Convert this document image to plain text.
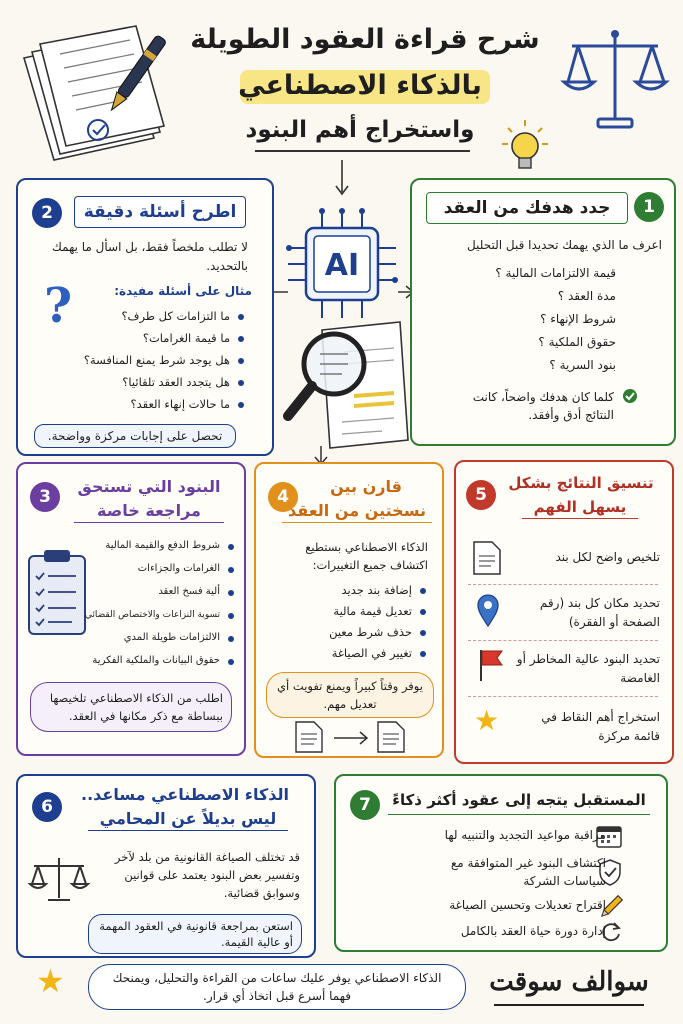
شرح قراءة العقود الطويلة
بالذكاء الاصطناعي
واستخراج أهم البنود
AI
1
جدد هدفك من العقد
اعرف ما الذي يهمك تحديدا قبل التحليل
قيمة الالتزامات المالية ؟
مدة العقد ؟
شروط الإنهاء ؟
حقوق الملكية ؟
بنود السرية ؟
كلما كان هدفك واضحاً، كانت النتائج أدق وأفقد.
2	اطرح أسئلة دقيقة
لا تطلب ملخصاً فقط، بل اسأل ما يهمك بالتحديد.
?	مثال على أسئلة مفيدة:
ما التزامات كل طرف؟
ما قيمة الغرامات؟
هل يوجد شرط يمنع المنافسة؟
هل يتجدد العقد تلقائيا؟
ما حالات إنهاء العقد؟
تحصل على إجابات مركزة وواضحة.
3
البنود التي تستحق
مراجعة خاصة
شروط الدفع والقيمة المالية
الغرامات والجزاءات
ألية فسخ العقد
تسوية النزاعات والاختصاص القضائي
الالتزامات طويلة المدي
حقوق البيانات والملكية الفكرية
اطلب من الذكاء الاصطناعي تلخيصها ببساطة مع ذكر مكانها في العقد.
4
قارن بين
نسختين من العقد
الذكاء الاصطناعي بستطيع اكتشاف جميع التغييرات:
إضافة بند جديد
تعديل قيمة مالية
حذف شرط معين
تغيير في الصياغة
يوفر وقتاً كبيراً ويمنع تفويت أي تعديل مهم.
5
تنسيق النتائج بشكل
يسهل الفهم
تلخيص واضح لكل بند
تحديد مكان كل بند (رقم الصفحة أو الفقرة)
تحديد البنود عالية المخاطر أو الغامضة
★	استخراج أهم النقاط في قائمة مركزة
6
الذكاء الاصطناعي مساعد..
ليس بديلاً عن المحامي
قد تختلف الصياغة القانونية من بلد لآخر وتفسير بعض البنود يعتمد على قوانين وسوابق قضائية.
استعن بمراجعة قانونية في العقود المهمة أو عالية القيمة.
7	المستقبل يتجه إلى عقود أكثر ذكاءً
مراقبة مواعيد التجديد والتنبيه لها
اكتشاف البنود غير المتوافقة مع سياسات الشركة
اقتراح تعديلات وتحسين الصياغة
إدارة دورة حياة العقد بالكامل
★	الذكاء الاصطناعي يوفر عليك ساعات من القراءة والتحليل، ويمنحك فهما أسرع قبل اتخاذ أي قرار.	سوالف سوقت
